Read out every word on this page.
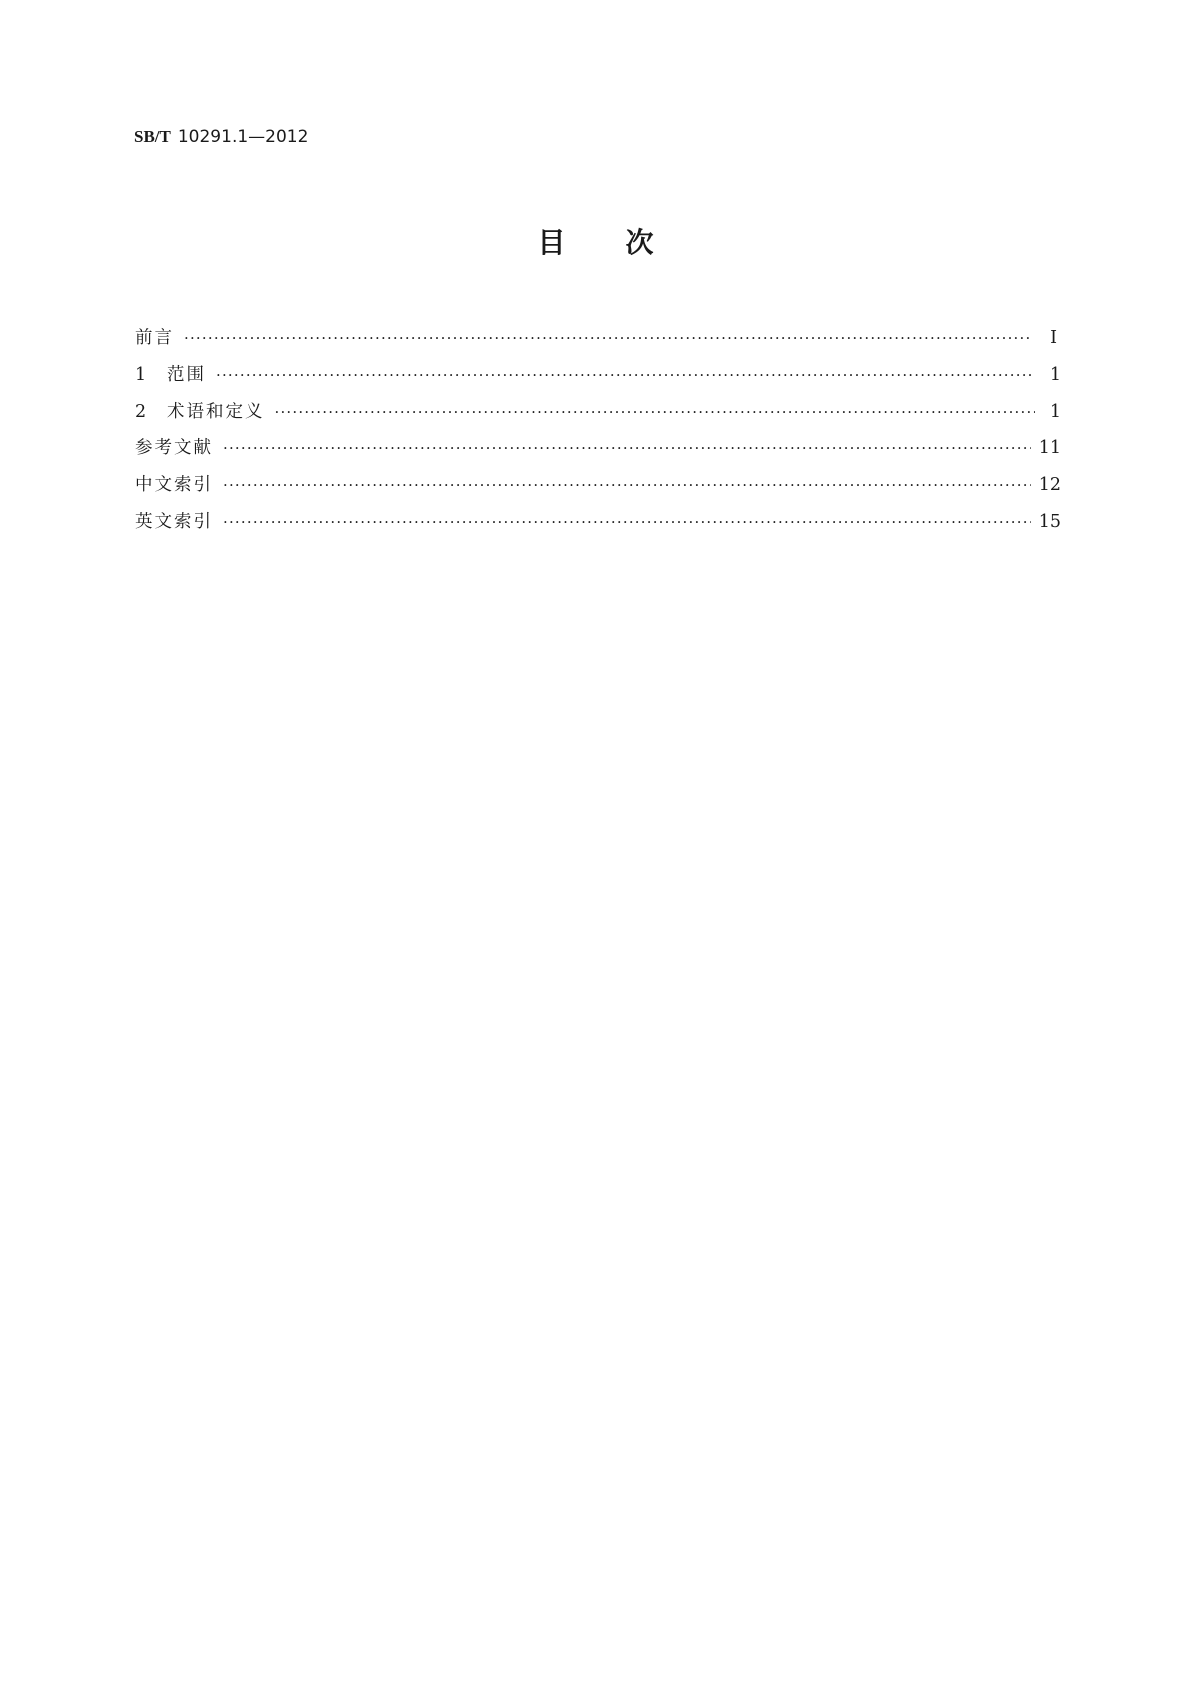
SB/T 10291.1—2012
目 次
前言 ·····	Ⅰ
1	范围 ·····	1
2	术语和定义 ·····	1
参考文献 ·····	11
中文索引 ·····	12
英文索引 ·····	15
